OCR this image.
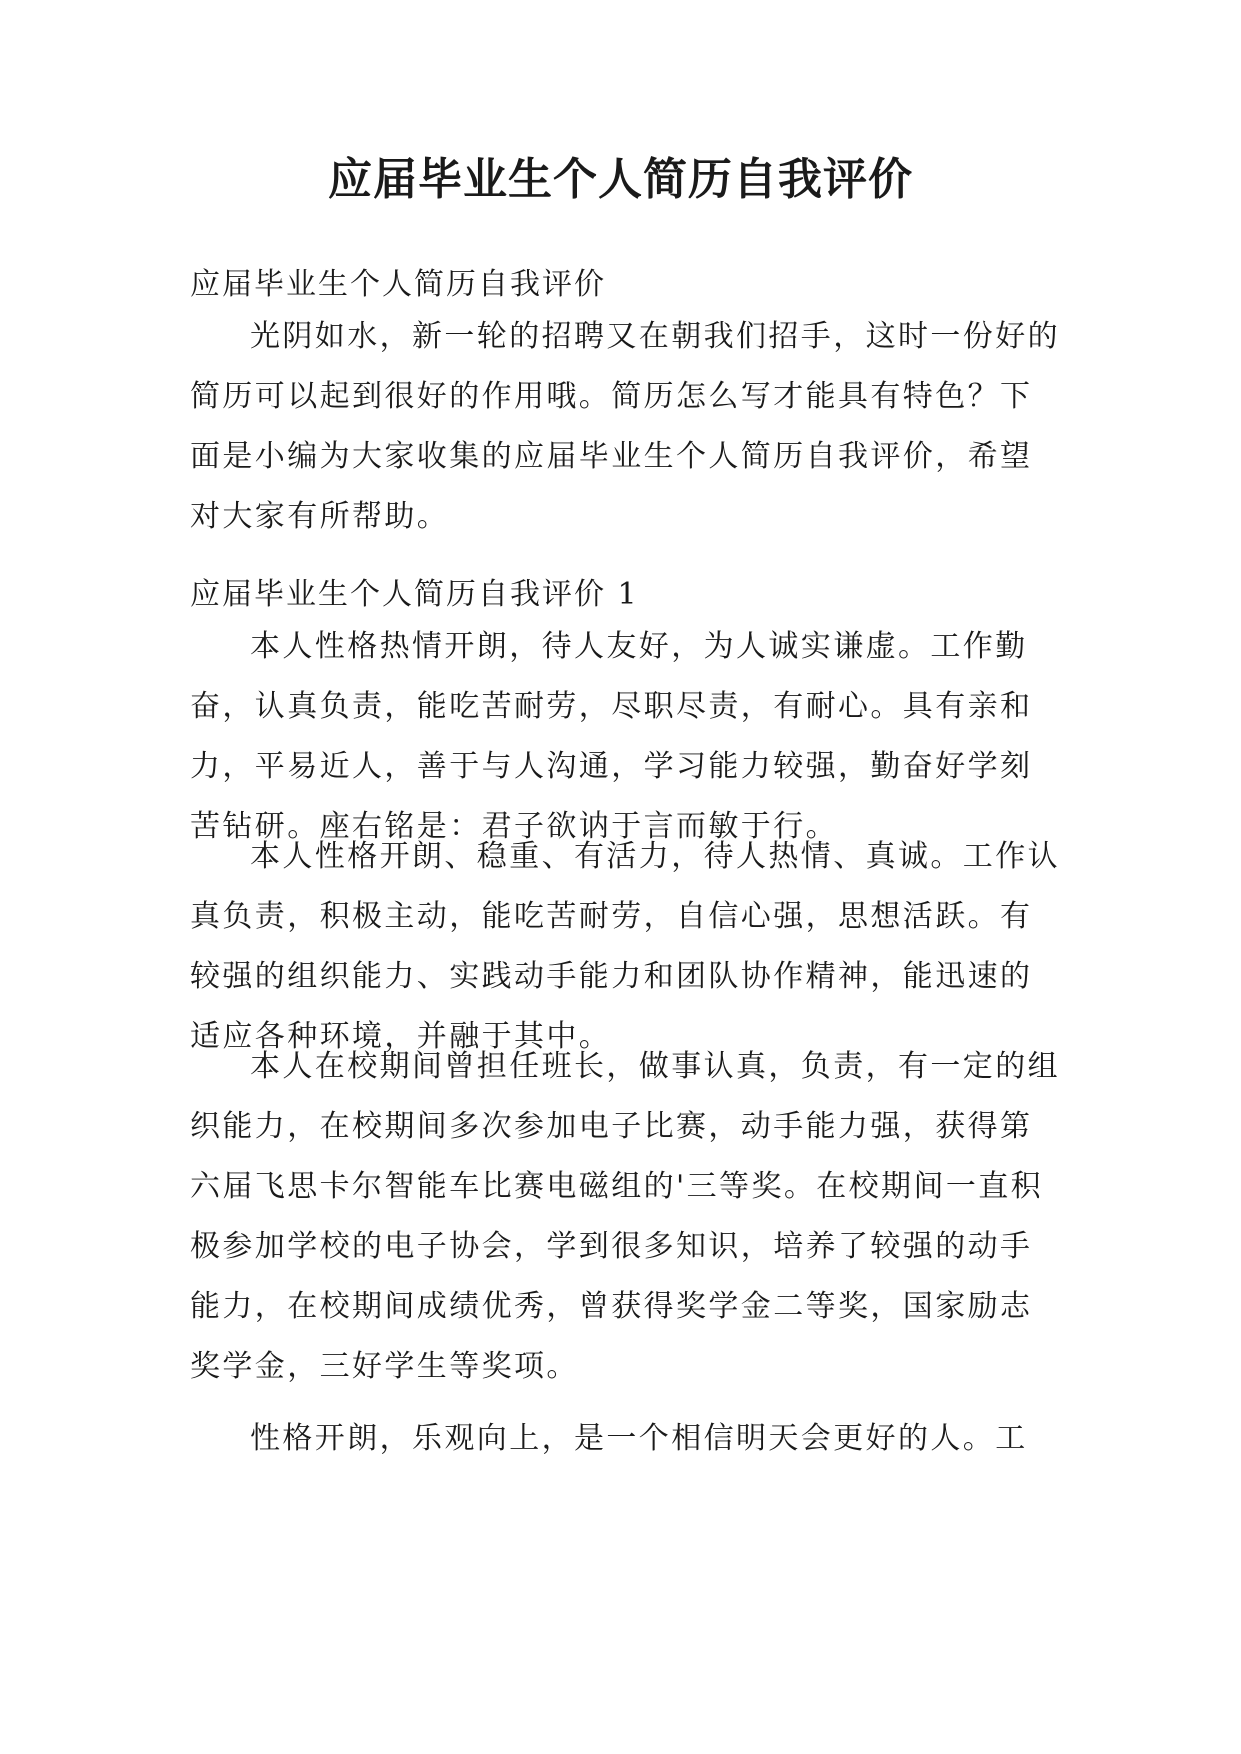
应届毕业生个人简历自我评价

应届毕业生个人简历自我评价

光阴如水，新一轮的招聘又在朝我们招手，这时一份好的简历可以起到很好的作用哦。简历怎么写才能具有特色？下面是小编为大家收集的应届毕业生个人简历自我评价，希望对大家有所帮助。

应届毕业生个人简历自我评价 1

本人性格热情开朗，待人友好，为人诚实谦虚。工作勤奋，认真负责，能吃苦耐劳，尽职尽责，有耐心。具有亲和力，平易近人，善于与人沟通，学习能力较强，勤奋好学刻苦钻研。座右铭是：君子欲讷于言而敏于行。

本人性格开朗、稳重、有活力，待人热情、真诚。工作认真负责，积极主动，能吃苦耐劳，自信心强，思想活跃。有较强的组织能力、实践动手能力和团队协作精神，能迅速的适应各种环境，并融于其中。

本人在校期间曾担任班长，做事认真，负责，有一定的组织能力，在校期间多次参加电子比赛，动手能力强，获得第六届飞思卡尔智能车比赛电磁组的'三等奖。在校期间一直积极参加学校的电子协会，学到很多知识，培养了较强的动手能力，在校期间成绩优秀，曾获得奖学金二等奖，国家励志奖学金，三好学生等奖项。

性格开朗，乐观向上，是一个相信明天会更好的人。工
